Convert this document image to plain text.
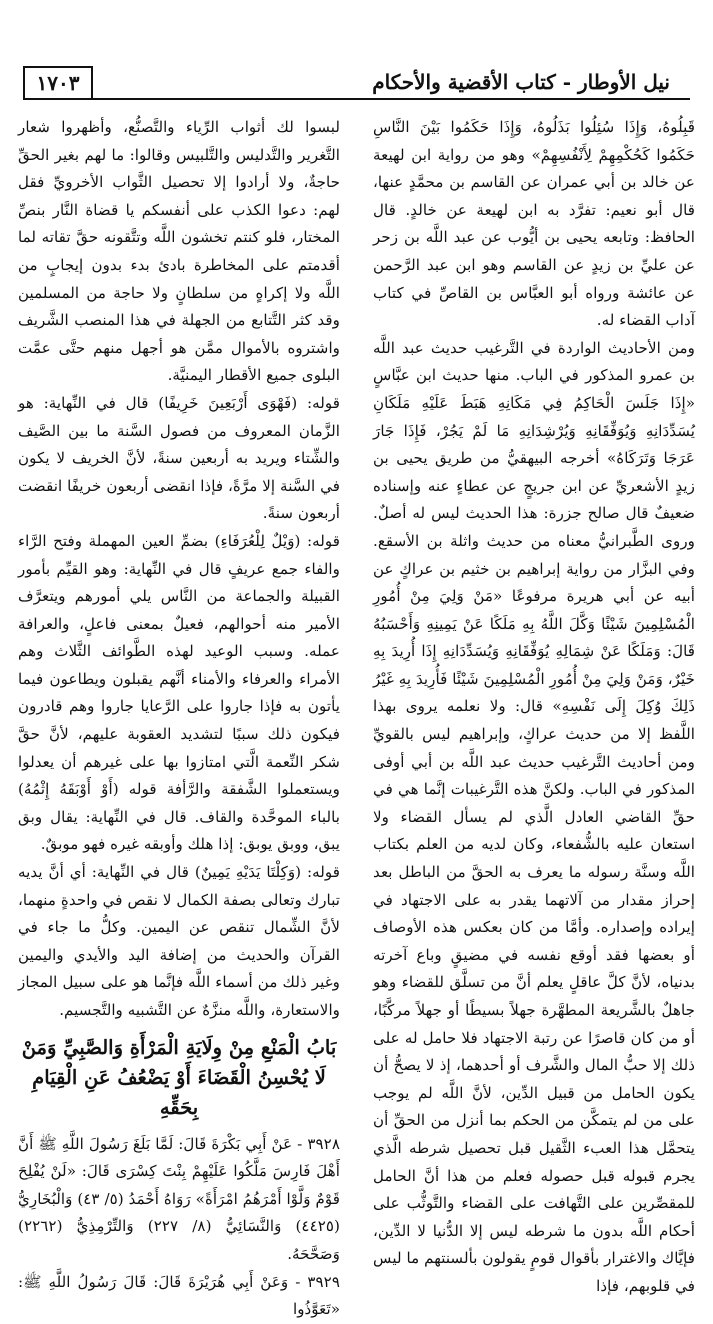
١٧٠٣	نيل الأوطار - كتاب الأقضية والأحكام

قَبِلُوهُ، وَإِذَا سُئِلُوا بَذَلُوهُ، وَإِذَا حَكَمُوا بَيْنَ النَّاسِ حَكَمُوا كَحُكْمِهِمْ لِأَنْفُسِهِمْ» وهو من رواية ابن لهيعة عن خالد بن أبي عمران عن القاسم بن محمَّدٍ عنها، قال أبو نعيم: تفرَّد به ابن لهيعة عن خالدٍ. قال الحافظ: وتابعه يحيى بن أيُّوب عن عبد اللَّه بن زحر عن عليِّ بن زيدٍ عن القاسم وهو ابن عبد الرَّحمن عن عائشة ورواه أبو العبَّاس بن القاصِّ في كتاب آداب القضاء له.

ومن الأحاديث الواردة في التَّرغيب حديث عبد اللَّه بن عمرو المذكور في الباب. منها حديث ابن عبَّاسٍ «إِذَا جَلَسَ الْحَاكِمُ فِي مَكَانِهِ هَبَطَ عَلَيْهِ مَلَكَانِ يُسَدِّدَانِهِ وَيُوَفِّقَانِهِ وَيُرْشِدَانِهِ مَا لَمْ يَجُرْ، فَإِذَا جَارَ عَرَجَا وَتَرَكَاهُ» أخرجه البيهقيُّ من طريق يحيى بن زيدٍ الأشعريِّ عن ابن جريجٍ عن عطاءٍ عنه وإسناده ضعيفٌ قال صالح جزرة: هذا الحديث ليس له أصلٌ. وروى الطَّبرانيُّ معناه من حديث واثلة بن الأسقع. وفي البزَّار من رواية إبراهيم بن خثيم بن عراكٍ عن أبيه عن أبي هريرة مرفوعًا «مَنْ وَلِيَ مِنْ أُمُورِ الْمُسْلِمِينَ شَيْئًا وَكَّلَ اللَّهُ بِهِ مَلَكًا عَنْ يَمِينِهِ وَأَحْسَبُهُ قَالَ: وَمَلَكًا عَنْ شِمَالِهِ يُوَفِّقَانِهِ وَيُسَدِّدَانِهِ إِذَا أُرِيدَ بِهِ خَيْرٌ، وَمَنْ وَلِيَ مِنْ أُمُورِ الْمُسْلِمِينَ شَيْئًا فَأُرِيدَ بِهِ غَيْرُ ذَلِكَ وُكِلَ إِلَى نَفْسِهِ» قال: ولا نعلمه يروى بهذا اللَّفظ إلا من حديث عراكٍ، وإبراهيم ليس بالقويِّ ومن أحاديث التَّرغيب حديث عبد اللَّه بن أبي أوفى المذكور في الباب. ولكنَّ هذه التَّرغيبات إنَّما هي في حقِّ القاضي العادل الَّذي لم يسأل القضاء ولا استعان عليه بالشُّفعاء، وكان لديه من العلم بكتاب اللَّه وسنَّة رسوله ما يعرف به الحقَّ من الباطل بعد إحراز مقدار من آلاتهما يقدر به على الاجتهاد في إيراده وإصداره. وأمَّا من كان بعكس هذه الأوصاف أو بعضها فقد أوقع نفسه في مضيقٍ وباع آخرته بدنياه، لأنَّ كلَّ عاقلٍ يعلم أنَّ من تسلَّق للقضاء وهو جاهلٌ بالشَّريعة المطهَّرة جهلاً بسيطًا أو جهلاً مركَّبًا، أو من كان قاصرًا عن رتبة الاجتهاد فلا حامل له على ذلك إلا حبُّ المال والشَّرف أو أحدهما، إذ لا يصحُّ أن يكون الحامل من قبيل الدِّين، لأنَّ اللَّه لم يوجب على من لم يتمكَّن من الحكم بما أنزل من الحقِّ أن يتحمَّل هذا العبء الثَّقيل قبل تحصيل شرطه الَّذي يجرم قبوله قبل حصوله فعلم من هذا أنَّ الحامل للمقصِّرين على التَّهافت على القضاء والتَّوثُّب على أحكام اللَّه بدون ما شرطه ليس إلا الدُّنيا لا الدِّين، فإيَّاك والاغترار بأقوال قومٍ يقولون بألسنتهم ما ليس في قلوبهم، فإذا

لبسوا لك أثواب الرِّياء والتَّصنُّع، وأظهروا شعار التَّغرير والتَّدليس والتَّلبيس وقالوا: ما لهم بغير الحقِّ حاجةٌ، ولا أرادوا إلا تحصيل الثَّواب الأخرويِّ فقل لهم: دعوا الكذب على أنفسكم يا قضاة النَّار بنصِّ المختار، فلو كنتم تخشون اللَّه وتتَّقونه حقَّ تقاته لما أقدمتم على المخاطرة بادئ بدء بدون إيجابٍ من اللَّه ولا إكراهٍ من سلطانٍ ولا حاجة من المسلمين وقد كثر التَّتابع من الجهلة في هذا المنصب الشَّريف واشتروه بالأموال ممَّن هو أجهل منهم حتَّى عمَّت البلوى جميع الأقطار اليمنيَّة.

قوله: (فَهْوَى أَرْبَعِينَ خَرِيفًا) قال في النِّهاية: هو الزَّمان المعروف من فصول السَّنة ما بين الصَّيف والشِّتاء ويريد به أربعين سنةً، لأنَّ الخريف لا يكون في السَّنة إلا مرَّةً، فإذا انقضى أربعون خريفًا انقضت أربعون سنةً.

قوله: (وَيْلٌ لِلْعُرَفَاءِ) بضمِّ العين المهملة وفتح الرَّاء والفاء جمع عريفٍ قال في النِّهاية: وهو القيِّم بأمور القبيلة والجماعة من النَّاس يلي أمورهم ويتعرَّف الأمير منه أحوالهم، فعيلٌ بمعنى فاعلٍ، والعرافة عمله. وسبب الوعيد لهذه الطَّوائف الثَّلاث وهم الأمراء والعرفاء والأمناء أنَّهم يقبلون ويطاعون فيما يأتون به فإذا جاروا على الرَّعايا جاروا وهم قادرون فيكون ذلك سببًا لتشديد العقوبة عليهم، لأنَّ حقَّ شكر النِّعمة الَّتي امتازوا بها على غيرهم أن يعدلوا ويستعملوا الشَّفقة والرَّأفة قوله (أَوْ أَوْبَقَهُ إِثْمُهُ) بالباء الموحَّدة والقاف. قال في النِّهاية: يقال وبق يبق، ووبق يوبق: إذا هلك وأوبقه غيره فهو موبقٌ.

قوله: (وَكِلْتَا يَدَيْهِ يَمِينٌ) قال في النِّهاية: أي أنَّ يديه تبارك وتعالى بصفة الكمال لا نقص في واحدةٍ منهما، لأنَّ الشِّمال تنقص عن اليمين. وكلُّ ما جاء في القرآن والحديث من إضافة اليد والأيدي واليمين وغير ذلك من أسماء اللَّه فإنَّما هو على سبيل المجاز والاستعارة، واللَّه منزَّهٌ عن التَّشبيه والتَّجسيم.

بَابُ الْمَنْعِ مِنْ وِلَايَةِ الْمَرْأَةِ وَالصَّبِيِّ وَمَنْ لَا يُحْسِنُ الْقَضَاءَ أَوْ يَضْعُفُ عَنِ الْقِيَامِ بِحَقِّهِ

٣٩٢٨ - عَنْ أَبِي بَكْرَةَ قَالَ: لَمَّا بَلَغَ رَسُولَ اللَّهِ ﷺ أَنَّ أَهْلَ فَارِسَ مَلَّكُوا عَلَيْهِمْ بِنْتَ كِسْرَى قَالَ: «لَنْ يُفْلِحَ قَوْمٌ وَلَّوْا أَمْرَهُمُ امْرَأَةً» رَوَاهُ أَحْمَدُ (٥/ ٤٣) وَالْبُخَارِيُّ (٤٤٢٥) وَالنَّسَائِيُّ (٨/ ٢٢٧) وَالتِّرْمِذِيُّ (٢٢٦٢) وَصَحَّحَهُ.

٣٩٢٩ - وَعَنْ أَبِي هُرَيْرَةَ قَالَ: قَالَ رَسُولُ اللَّهِ ﷺ: «تَعَوَّذُوا
